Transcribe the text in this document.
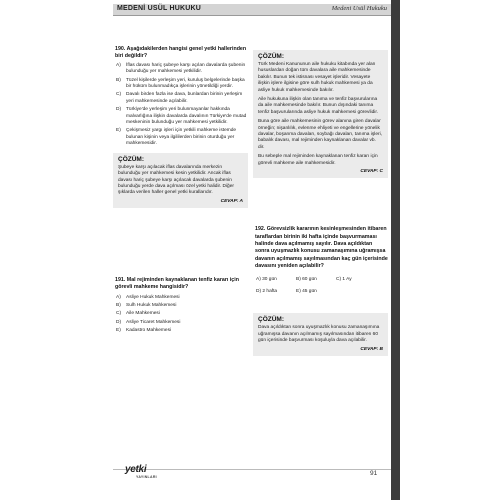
MEDENİ USÜL HUKUKU	Medeni Usül Hukuku
190. Aşağıdakilerden hangisi genel yetki hallerinden biri değildir?
A) İflas davası hariç şubeye karşı açılan davalarda şubenin bulunduğu yer mahkemesi yetkilidir.
B) Tüzel kişilerde yerleşim yeri, kuruluş belgelerinde başka bir hüküm bulunmadıkça işlerinin yönetildiği yerdir.
C) Davalı birden fazla ise dava, bunlardan birinin yerleşim yeri mahkemesinde açılabilir.
D) Türkiye'de yerleşim yeri bulunmayanlar hakkında malvarlığına ilişkin davalarda davalının Türkiye'de mutad meskeninin bulunduğu yer mahkemesi yetkilidir.
E) Çekişmesiz yargı işleri için yetkili mahkeme istemde bulunan kişinin veya ilgililerden birinin oturduğu yer mahkemesidir.
ÇÖZÜM:
Şubeye karşı açılacak iflas davalarında merkezin bulunduğu yer mahkemesi kesin yetkilidir. Ancak iflas davası hariç şubeye karşı açılacak davalarda şubenin bulunduğu yerde dava açılması özel yetki halidir. Diğer şıklarda verilen haller genel yetki kurallarıdır.
CEVAP: A
191. Mal rejiminden kaynaklanan tenfiz kararı için görevli mahkeme hangisidir?
A) Asliye Hukuk Mahkemesi
B) Sulh Hukuk Mahkemesi
C) Aile Mahkemesi
D) Asliye Ticaret Mahkemesi
E) Kadastro Mahkemesi
ÇÖZÜM:
Türk Medeni Kanununun aile hukuku kitabında yer alan hususlardan doğan tüm davalara aile mahkemesinde bakılır. Bunun tek istisnası vesayet işleridir. Vesayete ilişkin işlere ilgisine göre sulh hukuk mahkemesi ya da asliye hukuk mahkemesinde bakılır.
Aile hukukuna ilişkin olan tanıma ve tenfiz başvurularına da aile mahkemesinde bakılır. Bunun dışındaki tanıma tenfiz başvurularında asliye hukuk mahkemesi görevlidir.
Buna göre aile mahkemesinin görev alanına giren davalar örneğin; nişanlılık, evlenme ehliyeti ve engellerine yönelik davalar, boşanma davaları, soybağı davaları, tanıma işleri, babalık davası, mal rejiminden kaynaklanan davalar vb. dir.
Bu sebeple mal rejiminden kaynaklanan tenfiz kararı için görevli mahkeme aile mahkemesidir.
CEVAP: C
192. Görevsizlik kararının kesinleşmesinden itibaren taraflardan birinin iki hafta içinde başvurmaması halinde dava açılmamış sayılır. Dava açıldıktan sonra uyuşmazlık konusu zamanaşımına uğramışsa davanın açılmamış sayılmasından kaç gün içerisinde davasını yeniden açılabilir?
A) 30 gün	B) 60 gün	C) 1 Ay
D) 2 hafta	E) 45 gün
ÇÖZÜM:
Dava açıldıktan sonra uyuşmazlık konusu zamanaşımına uğramışsa davanın açılmamış sayılmasından itibaren 60 gün içerisinde başvurması koşuluyla dava açılabilir.
CEVAP: B
yetki
YAYINLARI	91
